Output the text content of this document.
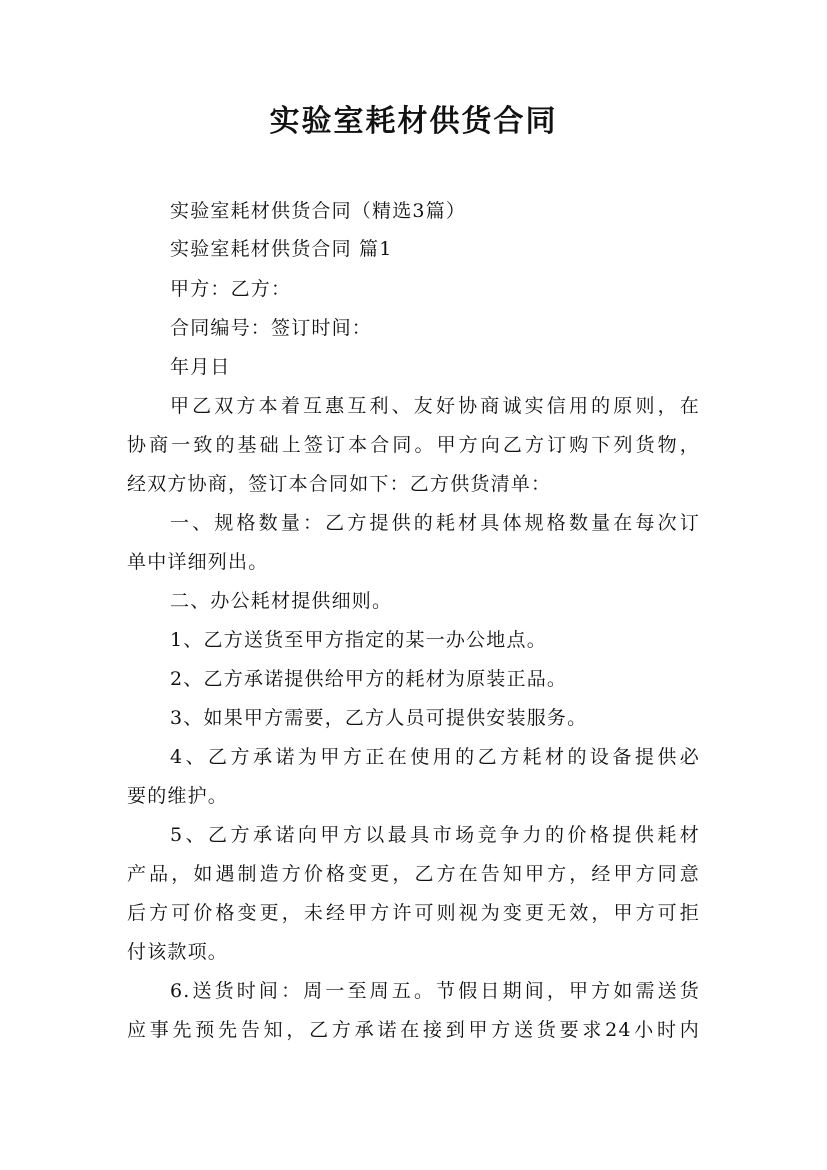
实验室耗材供货合同

实验室耗材供货合同（精选3篇）

实验室耗材供货合同 篇1

甲方：乙方：

合同编号：签订时间：

年月日

甲乙双方本着互惠互利、友好协商诚实信用的原则，在

协商一致的基础上签订本合同。甲方向乙方订购下列货物，

经双方协商，签订本合同如下：乙方供货清单：

一、规格数量：乙方提供的耗材具体规格数量在每次订

单中详细列出。

二、办公耗材提供细则。

1、乙方送货至甲方指定的某一办公地点。

2、乙方承诺提供给甲方的耗材为原装正品。

3、如果甲方需要，乙方人员可提供安装服务。

4、乙方承诺为甲方正在使用的乙方耗材的设备提供必

要的维护。

5、乙方承诺向甲方以最具市场竞争力的价格提供耗材

产品，如遇制造方价格变更，乙方在告知甲方，经甲方同意

后方可价格变更，未经甲方许可则视为变更无效，甲方可拒

付该款项。

6.送货时间：周一至周五。节假日期间，甲方如需送货

应事先预先告知，乙方承诺在接到甲方送货要求24小时内
